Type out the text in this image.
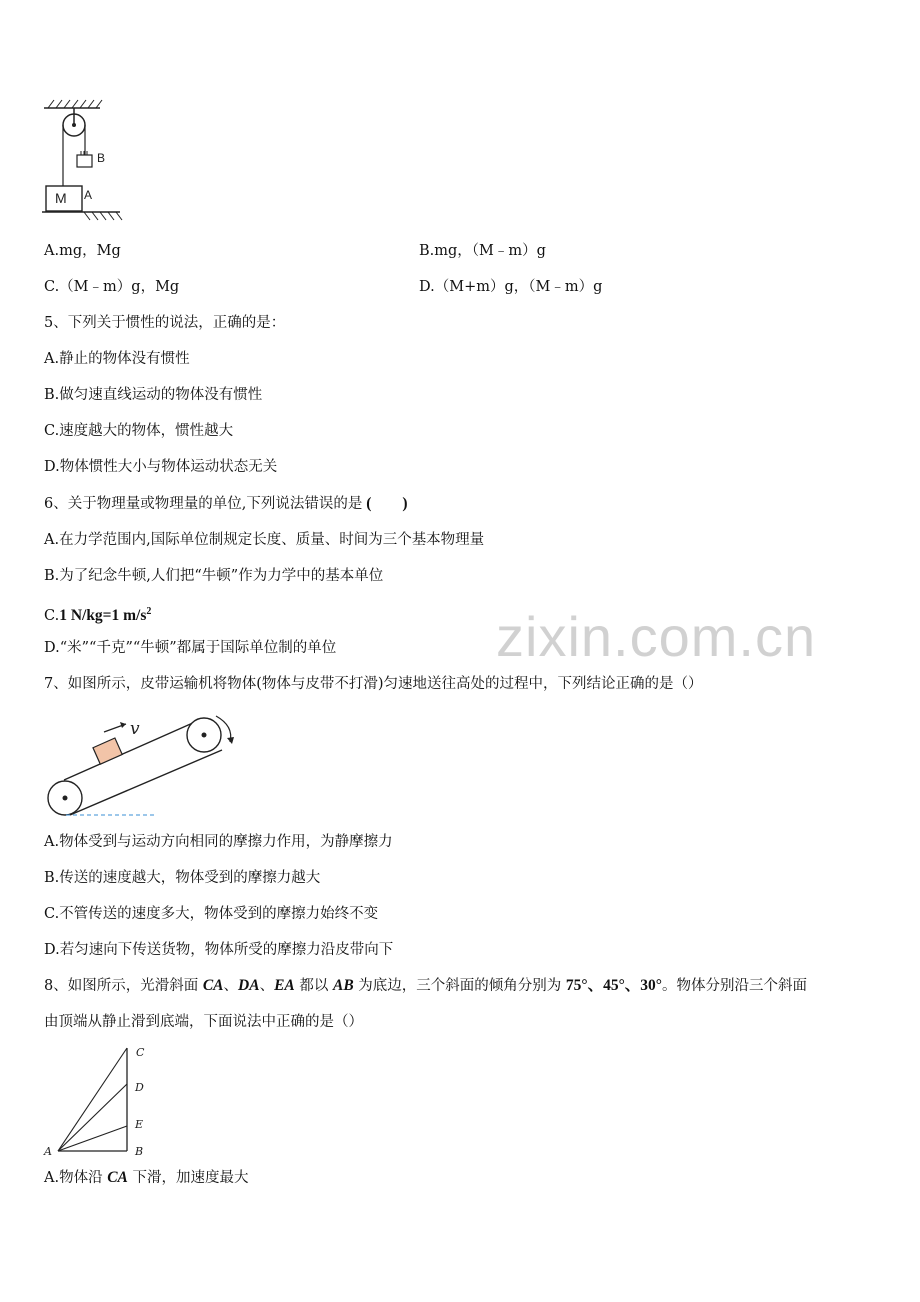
B
M A
A.mg，Mg	B.mg，（M﹣m）g
C.（M﹣m）g，Mg	D.（M+m）g，（M﹣m）g
5、下列关于惯性的说法，正确的是：
A.静止的物体没有惯性
B.做匀速直线运动的物体没有惯性
C.速度越大的物体，惯性越大
D.物体惯性大小与物体运动状态无关
6、关于物理量或物理量的单位,下列说法错误的是 (　　)
A.在力学范围内,国际单位制规定长度、质量、时间为三个基本物理量
B.为了纪念牛顿,人们把“牛顿”作为力学中的基本单位
C.1 N/kg=1 $m/s^2$
D.“米”“千克”“牛顿”都属于国际单位制的单位	zixin.com.cn
7、如图所示，皮带运输机将物体(物体与皮带不打滑)匀速地送往高处的过程中，下列结论正确的是（）
v
A.物体受到与运动方向相同的摩擦力作用，为静摩擦力
B.传送的速度越大，物体受到的摩擦力越大
C.不管传送的速度多大，物体受到的摩擦力始终不变
D.若匀速向下传送货物，物体所受的摩擦力沿皮带向下
8、如图所示，光滑斜面 CA、DA、EA 都以 AB 为底边，三个斜面的倾角分别为 75°、45°、30°。物体分别沿三个斜面
由顶端从静止滑到底端，下面说法中正确的是（）
C
D
E
A	B
A.物体沿 CA 下滑，加速度最大
